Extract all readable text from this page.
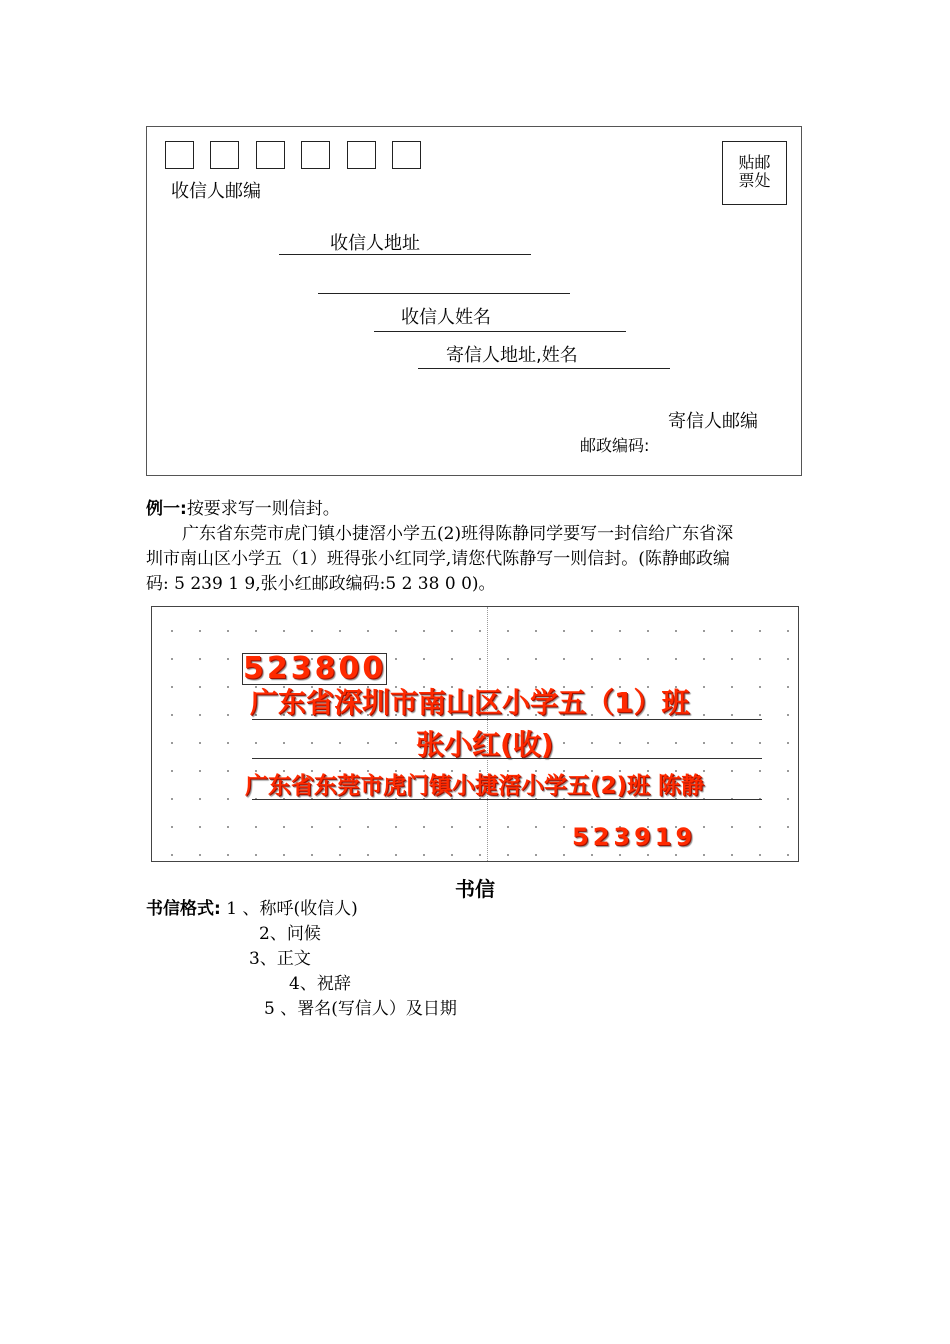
贴邮
票处
收信人邮编
收信人地址
收信人姓名
寄信人地址,姓名
寄信人邮编
邮政编码:
例一:按要求写一则信封。
广东省东莞市虎门镇小捷滘小学五(2)班得陈静同学要写一封信给广东省深
圳市南山区小学五（1）班得张小红同学,请您代陈静写一则信封。(陈静邮政编
码: 5 239 1 9,张小红邮政编码:5 2 38 0 0)。
523800
广东省深圳市南山区小学五（1）班
张小红(收)
广东省东莞市虎门镇小捷滘小学五(2)班 陈静
523919
书信
书信格式: 1 、称呼(收信人)
2、问候
3、正文
4、祝辞
5 、署名(写信人）及日期
